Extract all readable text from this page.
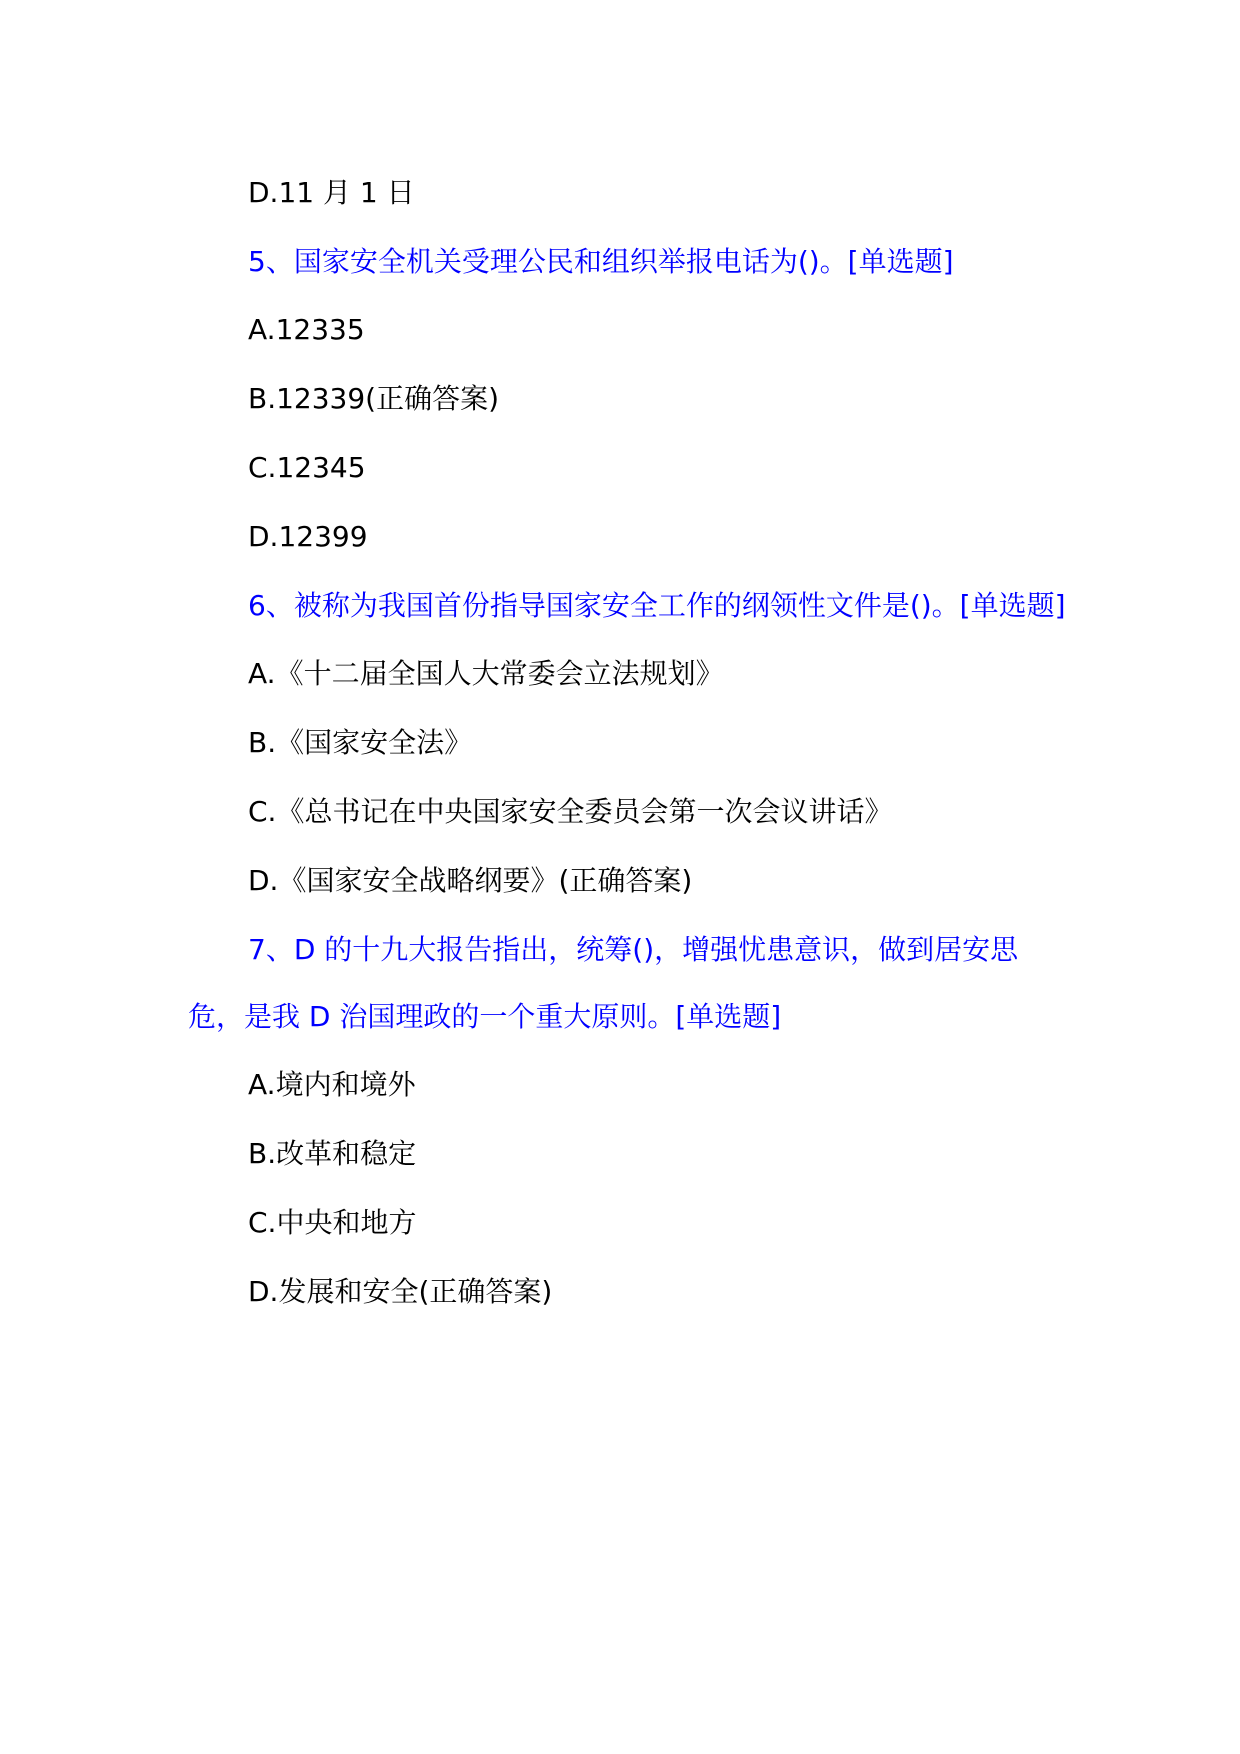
D.11 月 1 日
5、国家安全机关受理公民和组织举报电话为()。[单选题]
A.12335
B.12339(正确答案)
C.12345
D.12399
6、被称为我国首份指导国家安全工作的纲领性文件是()。[单选题]
A.《十二届全国人大常委会立法规划》
B.《国家安全法》
C.《总书记在中央国家安全委员会第一次会议讲话》
D.《国家安全战略纲要》(正确答案)
7、D 的十九大报告指出，统筹()，增强忧患意识，做到居安思危，是我 D 治国理政的一个重大原则。[单选题]
A.境内和境外
B.改革和稳定
C.中央和地方
D.发展和安全(正确答案)
